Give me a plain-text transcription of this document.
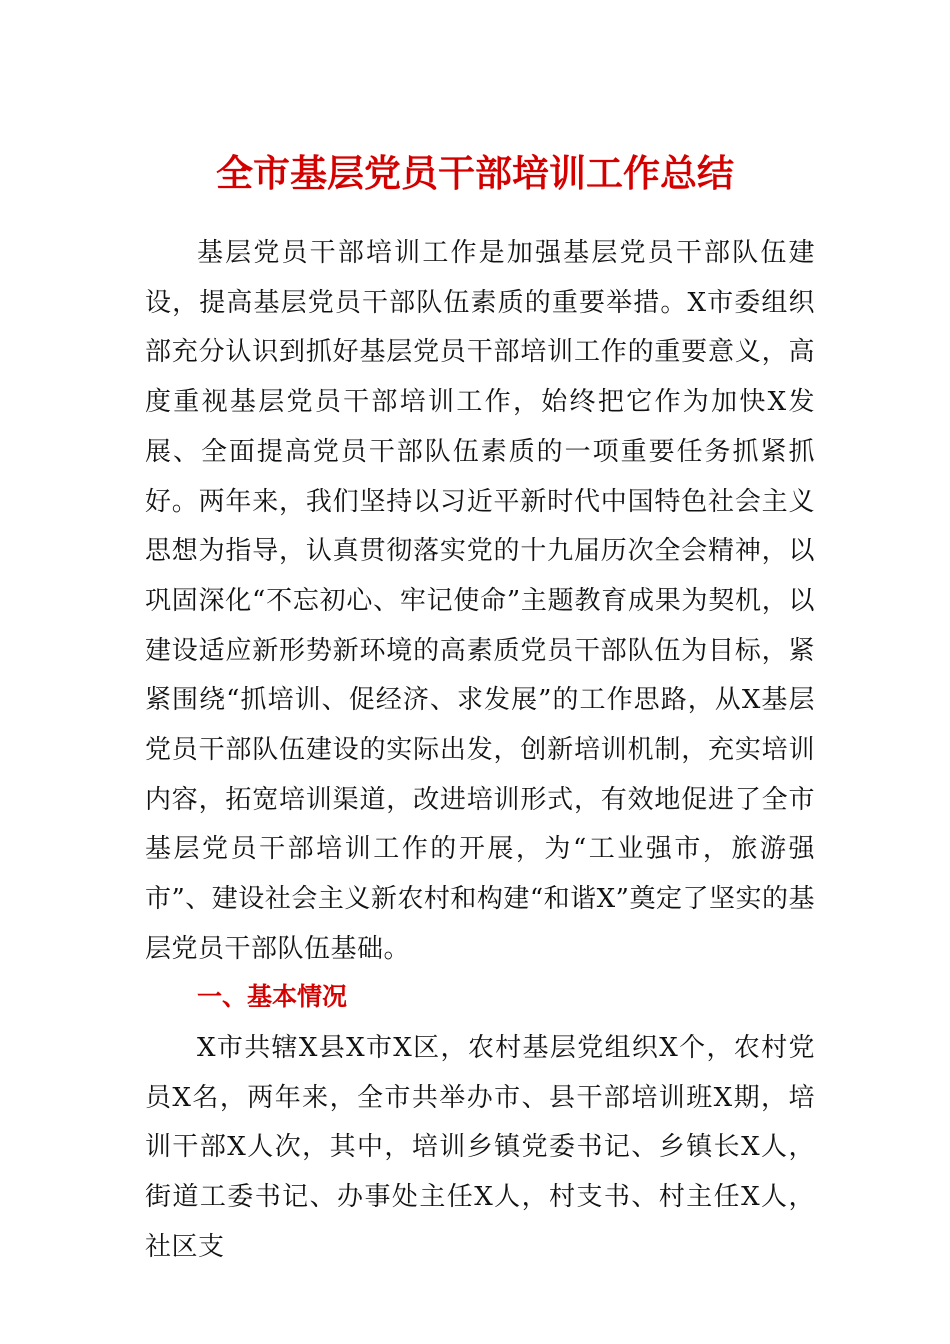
全市基层党员干部培训工作总结

基层党员干部培训工作是加强基层党员干部队伍建设，提高基层党员干部队伍素质的重要举措。X市委组织部充分认识到抓好基层党员干部培训工作的重要意义，高度重视基层党员干部培训工作，始终把它作为加快X发展、全面提高党员干部队伍素质的一项重要任务抓紧抓好。两年来，我们坚持以习近平新时代中国特色社会主义思想为指导，认真贯彻落实党的十九届历次全会精神，以巩固深化“不忘初心、牢记使命”主题教育成果为契机，以建设适应新形势新环境的高素质党员干部队伍为目标，紧紧围绕“抓培训、促经济、求发展”的工作思路，从X基层党员干部队伍建设的实际出发，创新培训机制，充实培训内容，拓宽培训渠道，改进培训形式，有效地促进了全市基层党员干部培训工作的开展，为“工业强市，旅游强市”、建设社会主义新农村和构建“和谐X”奠定了坚实的基层党员干部队伍基础。

一、基本情况

X市共辖X县X市X区，农村基层党组织X个，农村党员X名，两年来，全市共举办市、县干部培训班X期，培训干部X人次，其中，培训乡镇党委书记、乡镇长X人，街道工委书记、办事处主任X人，村支书、村主任X人，社区支
